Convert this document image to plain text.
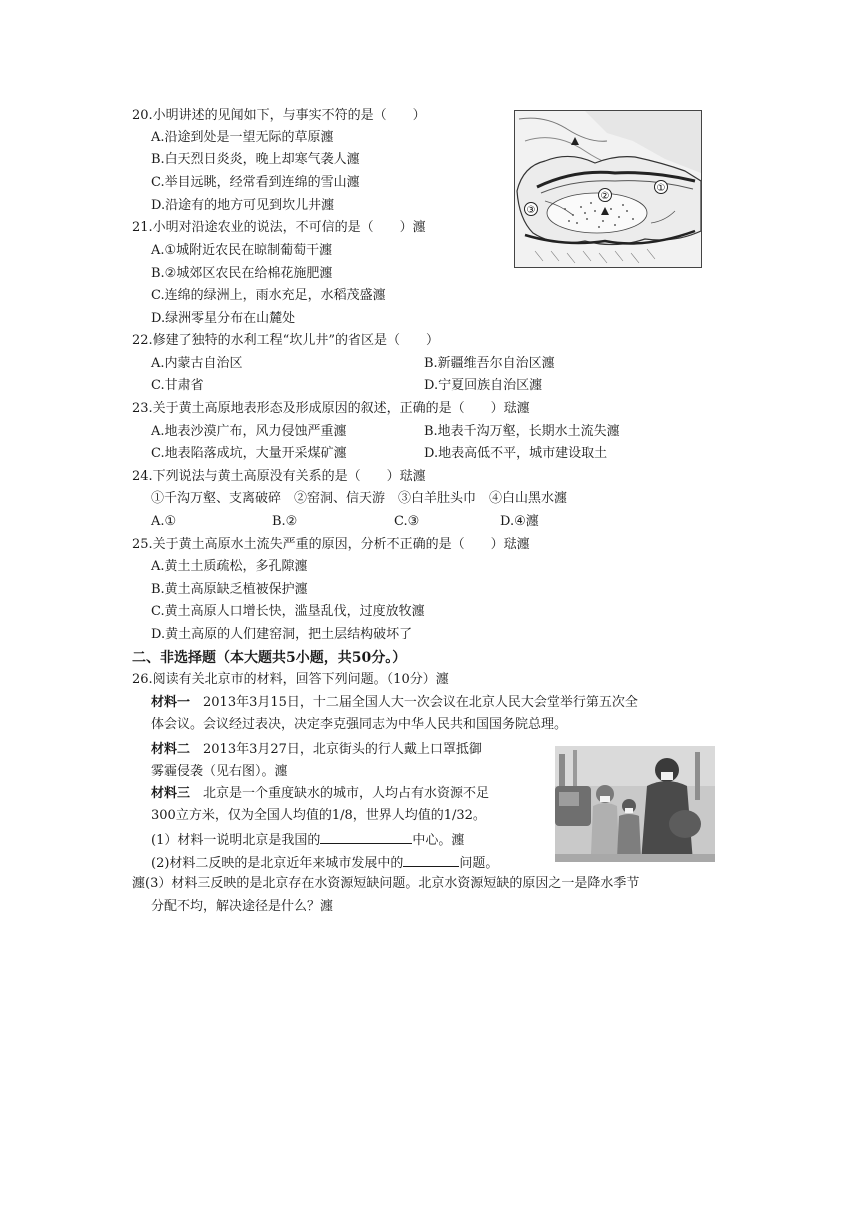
20.小明讲述的见闻如下，与事实不符的是（　　）
A.沿途到处是一望无际的草原瀍
B.白天烈日炎炎，晚上却寒气袭人瀍
C.举目远眺，经常看到连绵的雪山瀍
D.沿途有的地方可见到坎儿井瀍
21.小明对沿途农业的说法，不可信的是（　　）瀍
A.①城附近农民在晾制葡萄干瀍
B.②城郊区农民在给棉花施肥瀍
C.连绵的绿洲上，雨水充足，水稻茂盛瀍
D.绿洲零星分布在山麓处
22.修建了独特的水利工程“坎儿井”的省区是（　　）
A.内蒙古自治区	B.新疆维吾尔自治区瀍
C.甘肃省	D.宁夏回族自治区瀍
23.关于黄土高原地表形态及形成原因的叙述，正确的是（　　）琺瀍
A.地表沙漠广布，风力侵蚀严重瀍	B.地表千沟万壑，长期水土流失瀍
C.地表陷落成坑，大量开采煤矿瀍	D.地表高低不平，城市建设取土
24.下列说法与黄土高原没有关系的是（　　）琺瀍
①千沟万壑、支离破碎　②窑洞、信天游　③白羊肚头巾　④白山黑水瀍
A.①	B.②	C.③	D.④瀍
25.关于黄土高原水土流失严重的原因，分析不正确的是（　　）琺瀍
A.黄土土质疏松，多孔隙瀍
B.黄土高原缺乏植被保护瀍
C.黄土高原人口增长快，滥垦乱伐，过度放牧瀍
D.黄土高原的人们建窑洞，把土层结构破坏了
二、非选择题（本大题共5小题，共50分。）
26.阅读有关北京市的材料，回答下列问题。（10分）瀍
材料一　2013年3月15日，十二届全国人大一次会议在北京人民大会堂举行第五次全
体会议。会议经过表决，决定李克强同志为中华人民共和国国务院总理。
材料二　2013年3月27日，北京街头的行人戴上口罩抵御
雾霾侵袭（见右图）。瀍
材料三　北京是一个重度缺水的城市，人均占有水资源不足
300立方米，仅为全国人均值的1/8，世界人均值的1/32。
(1）材料一说明北京是我国的	中心。瀍
(2)材料二反映的是北京近年来城市发展中的	问题。
瀍(3）材料三反映的是北京存在水资源短缺问题。北京水资源短缺的原因之一是降水季节
分配不均，解决途径是什么？瀍
①
②
③
